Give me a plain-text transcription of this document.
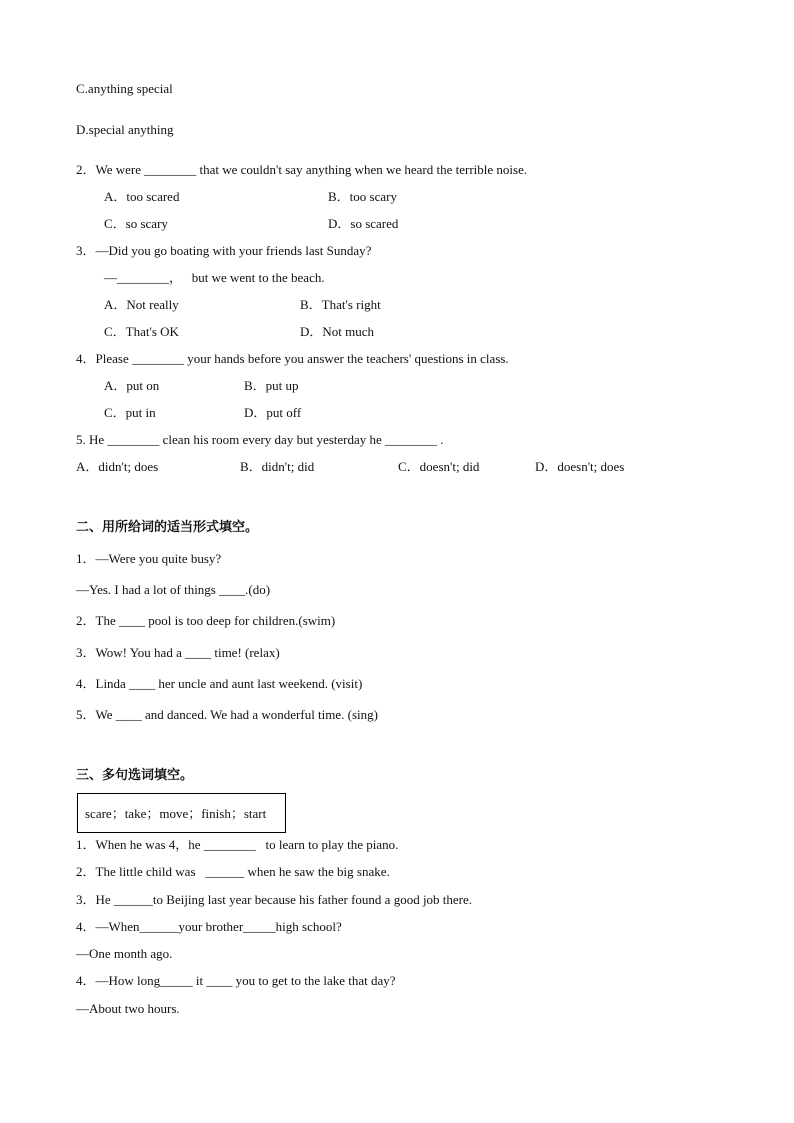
C.anything special
D.special anything
2．We were ________ that we couldn't say anything when we heard the terrible noise.
A．too scared	B．too scary
C．so scary	D．so scared
3．—Did you go boating with your friends last Sunday?
—________，   but we went to the beach.
A．Not really	B．That's right
C．That's OK	D．Not much
4．Please ________ your hands before you answer the teachers' questions in class.
A．put on	B．put up
C．put in	D．put off
5. He ________ clean his room every day but yesterday he ________ .
A．didn't; does	B．didn't; did	C．doesn't; did	D．doesn't; does
二、用所给词的适当形式填空。
1．—Were you quite busy?
—Yes. I had a lot of things ____.(do)
2．The ____ pool is too deep for children.(swim)
3．Wow! You had a ____ time! (relax)
4．Linda ____ her uncle and aunt last weekend. (visit)
5．We ____ and danced. We had a wonderful time. (sing)
三、多句选词填空。
scare；take；move；finish；start
1．When he was 4，he ________   to learn to play the piano.
2．The little child was   ______ when he saw the big snake.
3．He ______to Beijing last year because his father found a good job there.
4．—When______your brother_____high school?
—One month ago.
4．—How long_____ it ____ you to get to the lake that day?
—About two hours.
